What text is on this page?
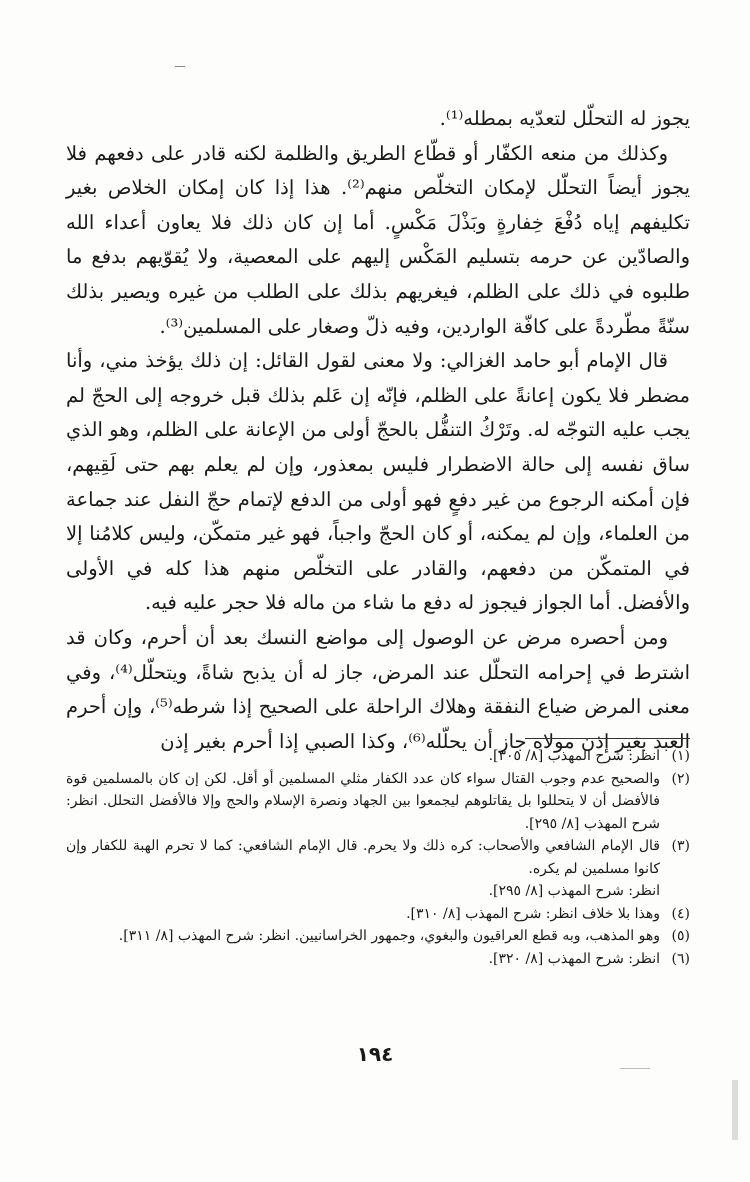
يجوز له التحلّل لتعدّيه بمطله⁽¹⁾.

وكذلك من منعه الكفّار أو قطّاع الطريق والظلمة لكنه قادر على دفعهم فلا يجوز أيضاً التحلّل لإمكان التخلّص منهم⁽²⁾. هذا إذا كان إمكان الخلاص بغير تكليفهم إياه دُفْعَ خِفارةٍ وبَذْلَ مَكْسٍ. أما إن كان ذلك فلا يعاون أعداء الله والصادّين عن حرمه بتسليم المَكْس إليهم على المعصية، ولا يُقوّيهم بدفع ما طلبوه في ذلك على الظلم، فيغريهم بذلك على الطلب من غيره ويصير بذلك سنّةً مطّردةً على كافّة الواردين، وفيه ذلّ وصغار على المسلمين⁽³⁾.

قال الإمام أبو حامد الغزالي: ولا معنى لقول القائل: إن ذلك يؤخذ مني، وأنا مضطر فلا يكون إعانةً على الظلم، فإنّه إن عَلم بذلك قبل خروجه إلى الحجّ لم يجب عليه التوجّه له. وتَرْكُ التنفُّل بالحجّ أولى من الإعانة على الظلم، وهو الذي ساق نفسه إلى حالة الاضطرار فليس بمعذور، وإن لم يعلم بهم حتى لَقِيهم، فإن أمكنه الرجوع من غير دفعٍ فهو أولى من الدفع لإتمام حجّ النفل عند جماعة من العلماء، وإن لم يمكنه، أو كان الحجّ واجباً، فهو غير متمكّن، وليس كلامُنا إلا في المتمكّن من دفعهم، والقادر على التخلّص منهم هذا كله في الأولى والأفضل. أما الجواز فيجوز له دفع ما شاء من ماله فلا حجر عليه فيه.

ومن أحصره مرض عن الوصول إلى مواضع النسك بعد أن أحرم، وكان قد اشترط في إحرامه التحلّل عند المرض، جاز له أن يذبح شاةً، ويتحلّل⁽⁴⁾، وفي معنى المرض ضياع النفقة وهلاك الراحلة على الصحيح إذا شرطه⁽⁵⁾، وإن أحرم العبد بغير إذن مولاه جاز أن يحلّله⁽⁶⁾، وكذا الصبي إذا أحرم بغير إذن

(١)
انظر: شرح المهذب [٨/ ٣٠٥].
(٢)
والصحيح عدم وجوب القتال سواء كان عدد الكفار مثلي المسلمين أو أقل. لكن إن كان بالمسلمين قوة فالأفضل أن لا يتحللوا بل يقاتلوهم ليجمعوا بين الجهاد ونصرة الإسلام والحج وإلا فالأفضل التحلل. انظر: شرح المهذب [٨/ ٢٩٥].
(٣)
قال الإمام الشافعي والأصحاب: كره ذلك ولا يحرم. قال الإمام الشافعي: كما لا تحرم الهبة للكفار وإن كانوا مسلمين لم يكره.
انظر: شرح المهذب [٨/ ٢٩٥].
(٤)
وهذا بلا خلاف انظر: شرح المهذب [٨/ ٣١٠].
(٥)
وهو المذهب، وبه قطع العراقيون والبغوي، وجمهور الخراسانيين. انظر: شرح المهذب [٨/ ٣١١].
(٦)
انظر: شرح المهذب [٨/ ٣٢٠].
١٩٤
